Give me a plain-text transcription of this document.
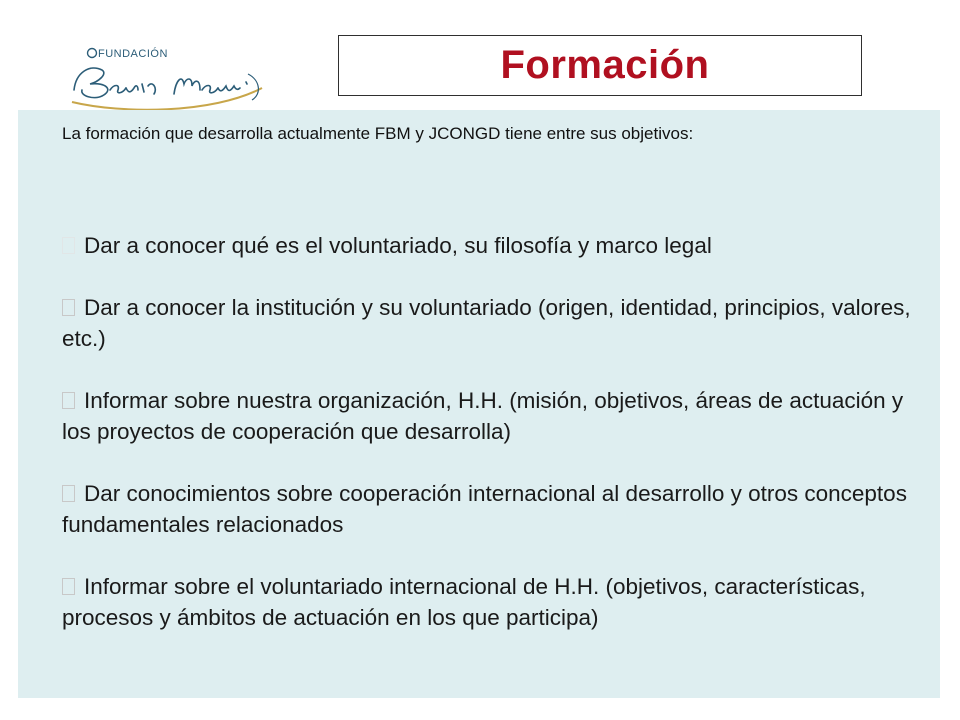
FUNDACIÓN	Formación
La formación que desarrolla actualmente FBM y JCONGD tiene entre sus objetivos:
Dar a conocer qué es el voluntariado, su filosofía y marco legal
Dar a conocer la institución y su voluntariado (origen, identidad, principios, valores, etc.)
Informar sobre nuestra organización, H.H. (misión, objetivos, áreas de actuación y los proyectos de cooperación que desarrolla)
Dar conocimientos sobre cooperación internacional al desarrollo y otros conceptos fundamentales relacionados
Informar sobre el voluntariado internacional de H.H. (objetivos, características, procesos y ámbitos de actuación en los que participa)
